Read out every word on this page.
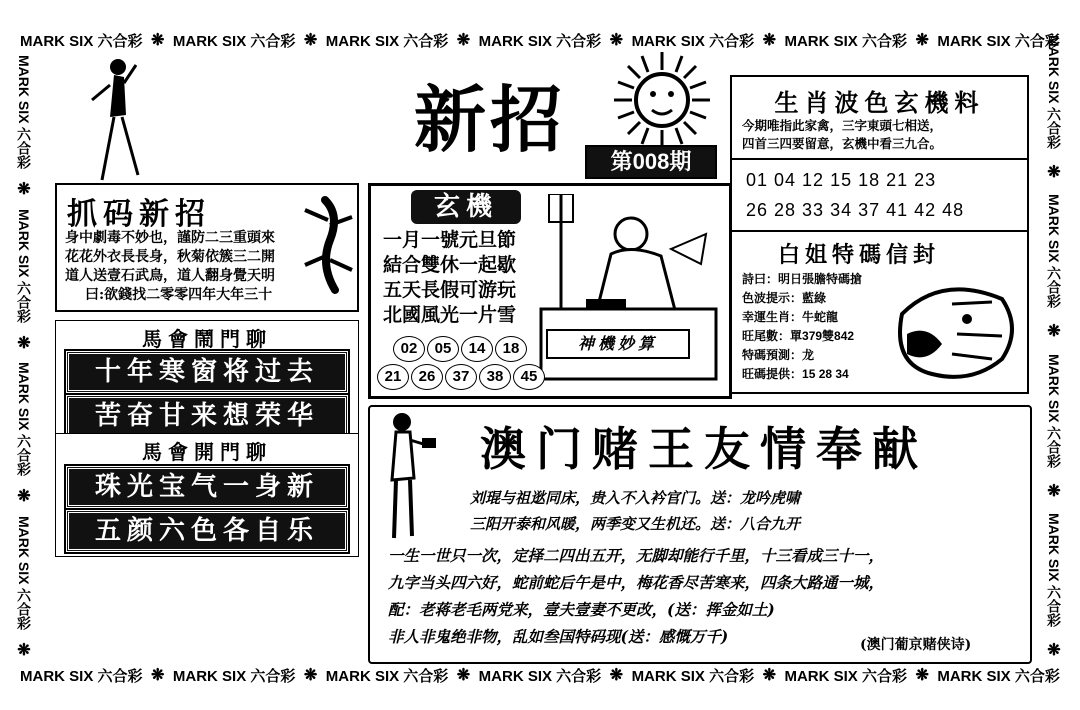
MARK SIX 六合彩 ❋ MARK SIX 六合彩 ❋ MARK SIX 六合彩 ❋ MARK SIX 六合彩 ❋ MARK SIX 六合彩 ❋ MARK SIX 六合彩 ❋ MARK SIX 六合彩
MARK SIX 六合彩 ❋ MARK SIX 六合彩 ❋ MARK SIX 六合彩 ❋ MARK SIX 六合彩 ❋ MARK SIX 六合彩 ❋ MARK SIX 六合彩 ❋ MARK SIX 六合彩
MARK SIX 六合彩
❋
MARK SIX 六合彩
❋
MARK SIX 六合彩
❋
MARK SIX 六合彩
❋
MARK SIX 六合彩
❋
MARK SIX 六合彩
❋
MARK SIX 六合彩
❋
MARK SIX 六合彩
❋
新招	第008期
抓码新招
身中劇毒不妙也，謹防二三重頭來
花花外衣長長身，秋菊依簇三二開
道人送壹石武鳥，道人翻身覺天明
曰:欲錢找二零零四年大年三十
馬會鬧門聊
十年寒窗将过去
苦奋甘来想荣华
馬會開門聊
珠光宝气一身新
五颜六色各自乐
玄機
一月一號元旦節
結合雙休一起歇
五天長假可游玩
北國風光一片雪
神機妙算
02 05 14 18
21 26 37 38 45
生肖波色玄機料
今期唯指此家禽，三字東頭七相送，
四首三四要留意，玄機中看三九合。
01 04 12 15 18 21 23
26 28 33 34 37 41 42 48
白姐特碼信封
詩曰：明日張膽特碼搶
色波提示：藍綠
幸運生肖：牛蛇龍
旺尾數：單379雙842
特碼預測：龙
旺碼提供：15 28 34
澳门赌王友情奉献
刘琨与祖逖同床，贵入不入衿官门。送：龙吟虎啸
三阳开泰和风暖，两季变又生机还。送：八合九开
一生一世只一次，定择二四出五开，无脚却能行千里，十三看成三十一，
九字当头四六好，蛇前蛇后午是中，梅花香尽苦寒来，四条大路通一城，
配：老蒋老毛两党来，壹夫壹妻不更改，(送：挥金如土)
非人非鬼绝非物，乱如叁国特码现(送：感慨万千)	(澳门葡京赌侠诗)
